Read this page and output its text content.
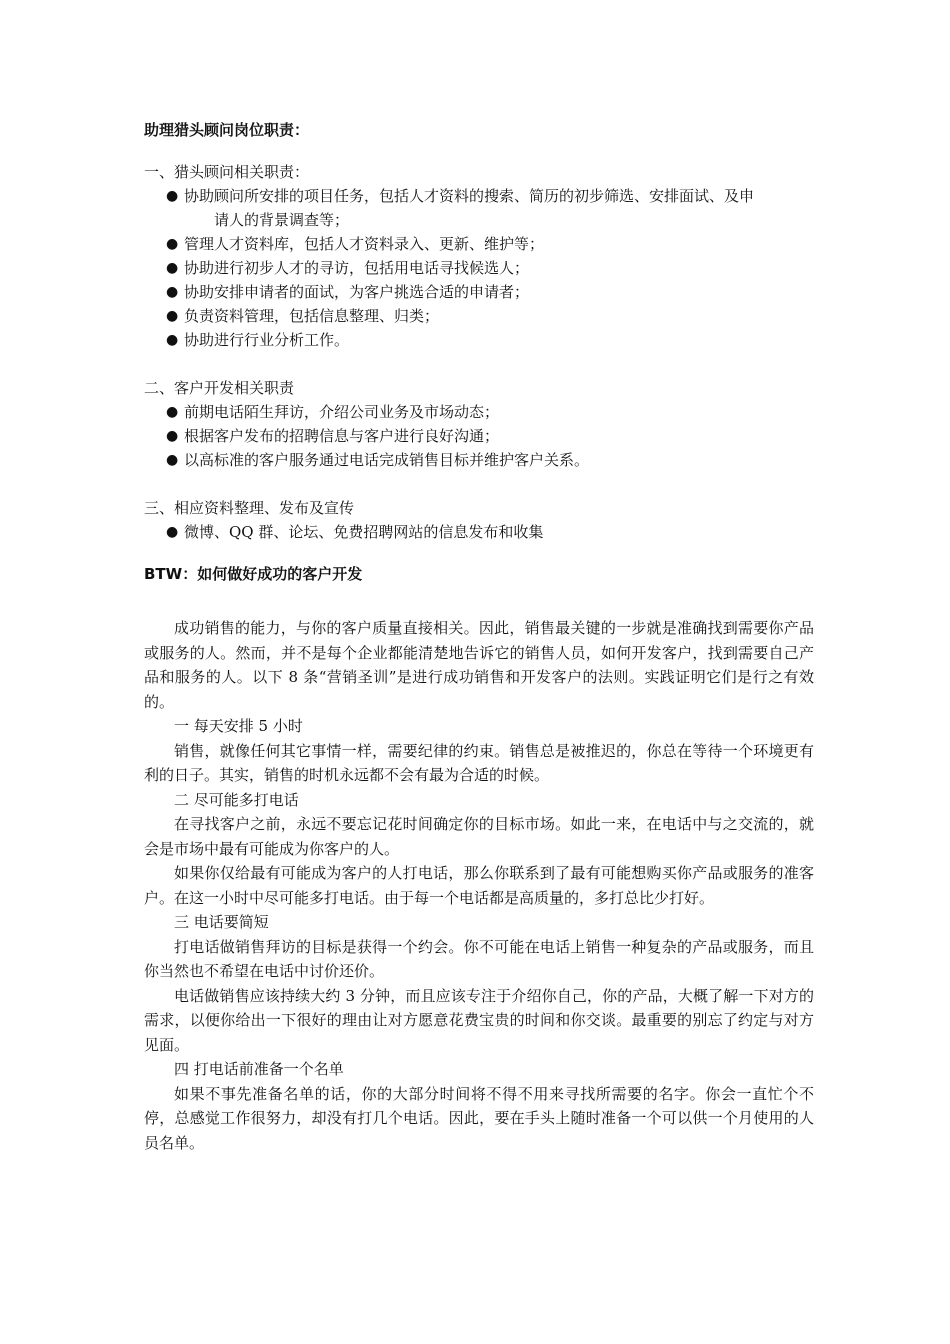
助理猎头顾问岗位职责：

一、猎头顾问相关职责：

● 协助顾问所安排的项目任务，包括人才资料的搜索、简历的初步筛选、安排面试、及申
请人的背景调查等；
● 管理人才资料库，包括人才资料录入、更新、维护等；
● 协助进行初步人才的寻访，包括用电话寻找候选人；
● 协助安排申请者的面试，为客户挑选合适的申请者；
● 负责资料管理，包括信息整理、归类；
● 协助进行行业分析工作。

二、客户开发相关职责

● 前期电话陌生拜访，介绍公司业务及市场动态；
● 根据客户发布的招聘信息与客户进行良好沟通；
● 以高标准的客户服务通过电话完成销售目标并维护客户关系。

三、相应资料整理、发布及宣传

● 微博、QQ 群、论坛、免费招聘网站的信息发布和收集

BTW：如何做好成功的客户开发

成功销售的能力，与你的客户质量直接相关。因此，销售最关键的一步就是准确找到需要你产品或服务的人。然而，并不是每个企业都能清楚地告诉它的销售人员，如何开发客户，找到需要自己产品和服务的人。以下 8 条“营销圣训”是进行成功销售和开发客户的法则。实践证明它们是行之有效的。

一 每天安排 5 小时

销售，就像任何其它事情一样，需要纪律的约束。销售总是被推迟的，你总在等待一个环境更有利的日子。其实，销售的时机永远都不会有最为合适的时候。

二 尽可能多打电话

在寻找客户之前，永远不要忘记花时间确定你的目标市场。如此一来，在电话中与之交流的，就会是市场中最有可能成为你客户的人。

如果你仅给最有可能成为客户的人打电话，那么你联系到了最有可能想购买你产品或服务的准客户。在这一小时中尽可能多打电话。由于每一个电话都是高质量的，多打总比少打好。

三 电话要简短

打电话做销售拜访的目标是获得一个约会。你不可能在电话上销售一种复杂的产品或服务，而且你当然也不希望在电话中讨价还价。

电话做销售应该持续大约 3 分钟，而且应该专注于介绍你自己，你的产品，大概了解一下对方的需求，以便你给出一下很好的理由让对方愿意花费宝贵的时间和你交谈。最重要的别忘了约定与对方见面。

四 打电话前准备一个名单

如果不事先准备名单的话，你的大部分时间将不得不用来寻找所需要的名字。你会一直忙个不停，总感觉工作很努力，却没有打几个电话。因此，要在手头上随时准备一个可以供一个月使用的人员名单。
